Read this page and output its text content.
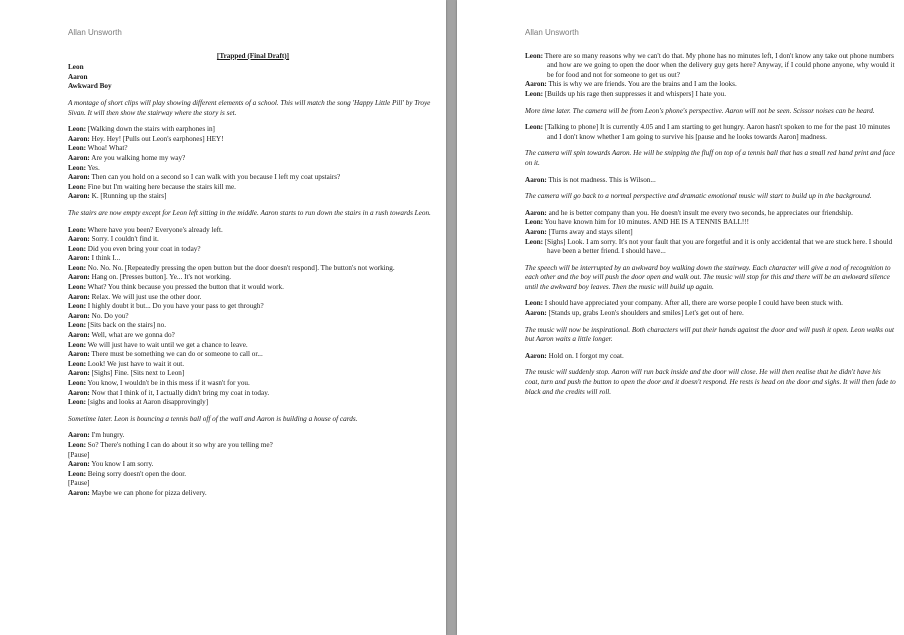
Allan Unsworth
[Trapped (Final Draft)]
Leon
Aaron
Awkward Boy
A montage of short clips will play showing different elements of a school. This will match the song 'Happy Little Pill' by Troye Sivan. It will then show the stairway where the story is set.
Leon: [Walking down the stairs with earphones in]
Aaron: Hey. Hey! [Pulls out Leon's earphones] HEY!
Leon: Whoa! What?
Aaron: Are you walking home my way?
Leon: Yes.
Aaron: Then can you hold on a second so I can walk with you because I left my coat upstairs?
Leon: Fine but I'm waiting here because the stairs kill me.
Aaron: K. [Running up the stairs]
The stairs are now empty except for Leon left sitting in the middle. Aaron starts to run down the stairs in a rush towards Leon.
Leon: Where have you been? Everyone's already left.
Aaron: Sorry. I couldn't find it.
Leon: Did you even bring your coat in today?
Aaron: I think I...
Leon: No. No. No. [Repeatedly pressing the open button but the door doesn't respond]. The button's not working.
Aaron: Hang on. [Presses button]. Ye... It's not working.
Leon: What? You think because you pressed the button that it would work.
Aaron: Relax. We will just use the other door.
Leon: I highly doubt it but... Do you have your pass to get through?
Aaron: No. Do you?
Leon: [Sits back on the stairs] no.
Aaron: Well, what are we gonna do?
Leon: We will just have to wait until we get a chance to leave.
Aaron: There must be something we can do or someone to call or...
Leon: Look! We just have to wait it out.
Aaron: [Sighs] Fine. [Sits next to Leon]
Leon: You know, I wouldn't be in this mess if it wasn't for you.
Aaron: Now that I think of it, I actually didn't bring my coat in today.
Leon: [sighs and looks at Aaron disapprovingly]
Sometime later. Leon is bouncing a tennis ball off of the wall and Aaron is building a house of cards.
Aaron: I'm hungry.
Leon: So? There's nothing I can do about it so why are you telling me?
[Pause]
Aaron: You know I am sorry.
Leon: Being sorry doesn't open the door.
[Pause]
Aaron: Maybe we can phone for pizza delivery.
Allan Unsworth
Leon: There are so many reasons why we can't do that. My phone has no minutes left, I don't know any take out phone numbers and how are we going to open the door when the delivery guy gets here? Anyway, if I could phone anyone, why would it be for food and not for someone to get us out?
Aaron: This is why we are friends. You are the brains and I am the looks.
Leon: [Builds up his rage then suppresses it and whispers] I hate you.
More time later. The camera will be from Leon's phone's perspective. Aaron will not be seen. Scissor noises can be heard.
Leon: [Talking to phone] It is currently 4.05 and I am starting to get hungry. Aaron hasn't spoken to me for the past 10 minutes and I don't know whether I am going to survive his [pause and he looks towards Aaron] madness.
The camera will spin towards Aaron. He will be snipping the fluff on top of a tennis ball that has a small red hand print and face on it.
Aaron: This is not madness. This is Wilson...
The camera will go back to a normal perspective and dramatic emotional music will start to build up in the background.
Aaron: and he is better company than you. He doesn't insult me every two seconds, he appreciates our friendship.
Leon: You have known him for 10 minutes. AND HE IS A TENNIS BALL!!!
Aaron: [Turns away and stays silent]
Leon: [Sighs] Look. I am sorry. It's not your fault that you are forgetful and it is only accidental that we are stuck here. I should have been a better friend. I should have...
The speech will be interrupted by an awkward boy walking down the stairway. Each character will give a nod of recognition to each other and the boy will push the door open and walk out. The music will stop for this and there will be an awkward silence until the awkward boy leaves. Then the music will build up again.
Leon: I should have appreciated your company. After all, there are worse people I could have been stuck with.
Aaron: [Stands up, grabs Leon's shoulders and smiles] Let's get out of here.
The music will now be inspirational. Both characters will put their hands against the door and will push it open. Leon walks out but Aaron waits a little longer.
Aaron: Hold on. I forgot my coat.
The music will suddenly stop. Aaron will run back inside and the door will close. He will then realise that he didn't have his coat, turn and push the button to open the door and it doesn't respond. He rests is head on the door and sighs. It will then fade to black and the credits will roll.
